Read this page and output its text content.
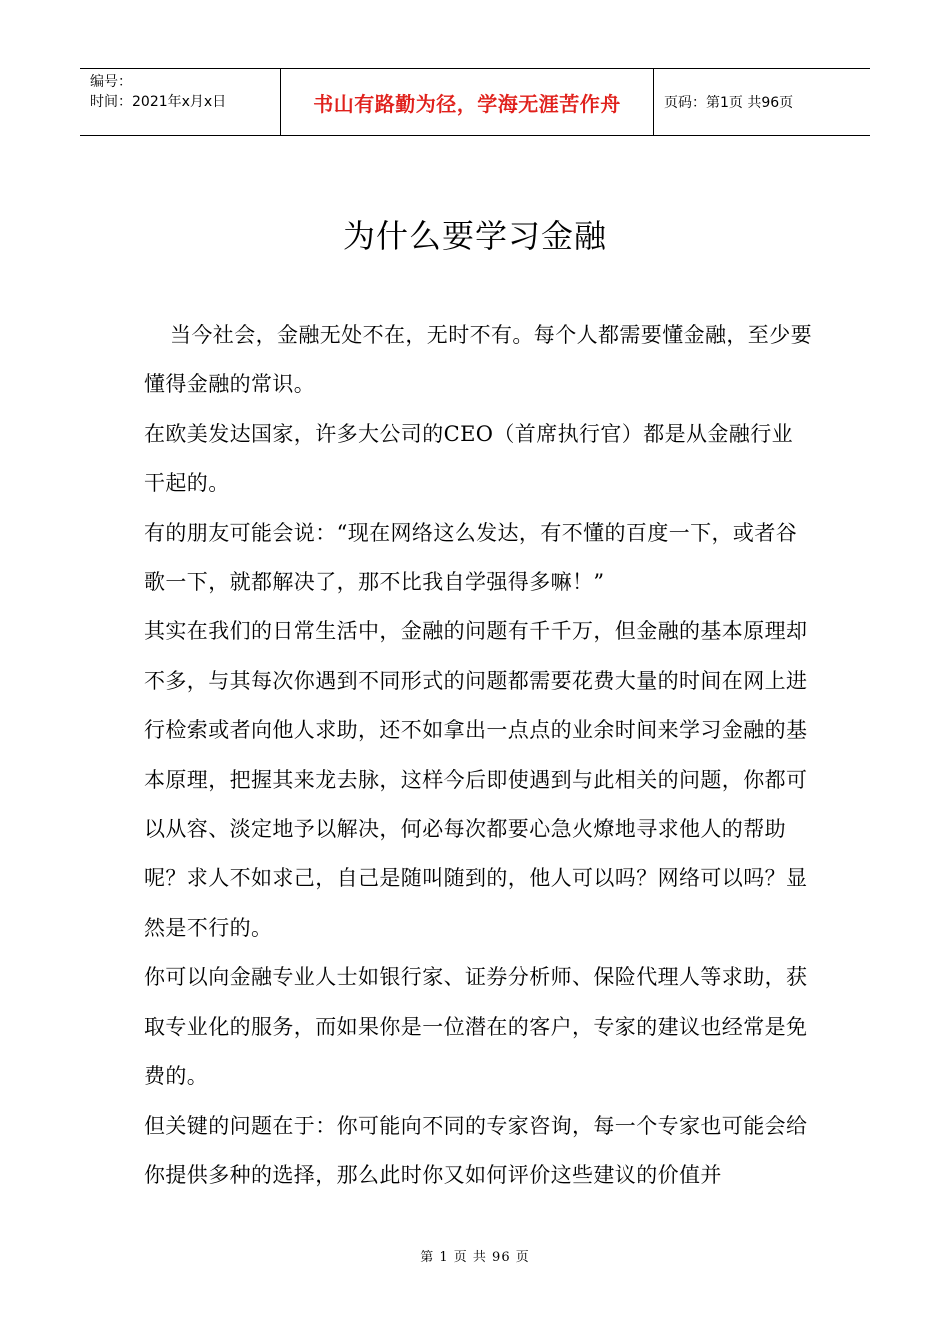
编号：
时间：2021年x月x日	书山有路勤为径，学海无涯苦作舟	页码：第1页 共96页
为什么要学习金融

当今社会，金融无处不在，无时不有。每个人都需要懂金融，至少要懂得金融的常识。

在欧美发达国家，许多大公司的CEO（首席执行官）都是从金融行业干起的。

有的朋友可能会说：“现在网络这么发达，有不懂的百度一下，或者谷歌一下，就都解决了，那不比我自学强得多嘛！”

其实在我们的日常生活中，金融的问题有千千万，但金融的基本原理却不多，与其每次你遇到不同形式的问题都需要花费大量的时间在网上进行检索或者向他人求助，还不如拿出一点点的业余时间来学习金融的基本原理，把握其来龙去脉，这样今后即使遇到与此相关的问题，你都可以从容、淡定地予以解决，何必每次都要心急火燎地寻求他人的帮助呢？求人不如求己，自己是随叫随到的，他人可以吗？网络可以吗？显然是不行的。

你可以向金融专业人士如银行家、证券分析师、保险代理人等求助，获取专业化的服务，而如果你是一位潜在的客户，专家的建议也经常是免费的。

但关键的问题在于：你可能向不同的专家咨询，每一个专家也可能会给你提供多种的选择，那么此时你又如何评价这些建议的价值并

第 1 页 共 96 页
